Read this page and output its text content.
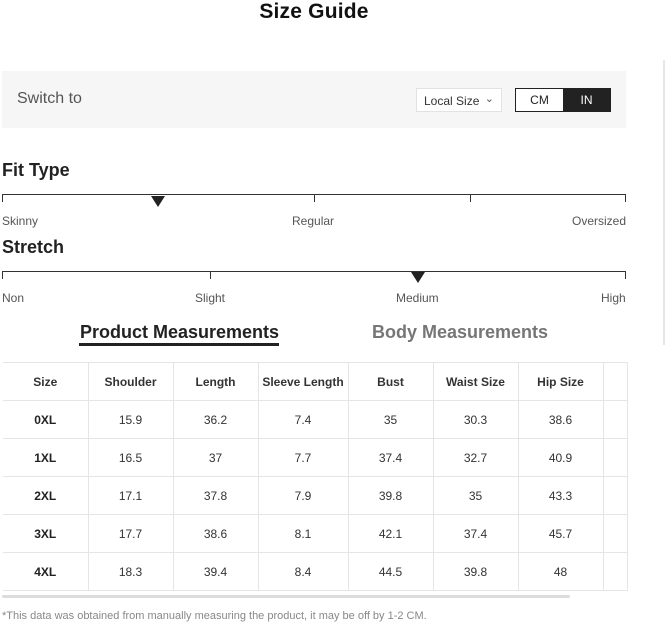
Size Guide
Switch to	Local Size ⌄	CM	IN
Fit Type
Skinny	Regular	Oversized
Stretch
Non	Slight	Medium	High
Product Measurements	Body Measurements
Size	Shoulder	Length	Sleeve Length	Bust	Waist Size	Hip Size	
0XL	15.9	36.2	7.4	35	30.3	38.6	
1XL	16.5	37	7.7	37.4	32.7	40.9	
2XL	17.1	37.8	7.9	39.8	35	43.3	
3XL	17.7	38.6	8.1	42.1	37.4	45.7	
4XL	18.3	39.4	8.4	44.5	39.8	48	
*This data was obtained from manually measuring the product, it may be off by 1-2 CM.
